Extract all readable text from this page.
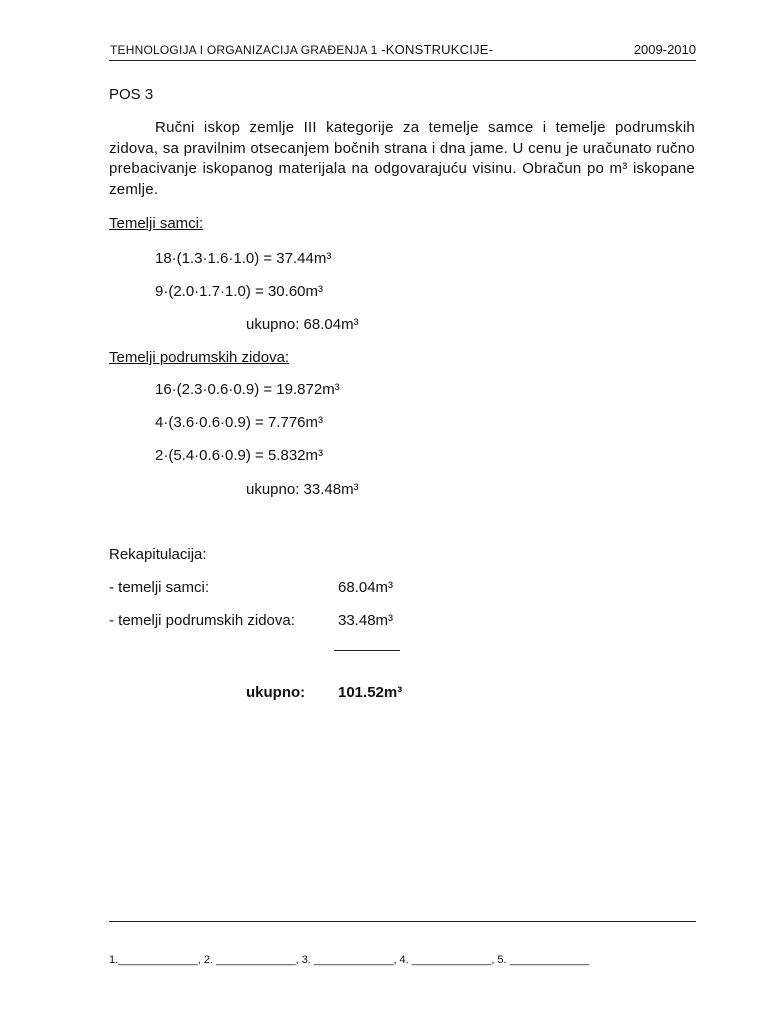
TEHNOLOGIJA I ORGANIZACIJA GRAĐENJA 1 -KONSTRUKCIJE-	2009-2010
POS 3
Ručni iskop zemlje III kategorije za temelje samce i temelje podrumskih zidova, sa pravilnim otsecanjem bočnih strana i dna jame. U cenu je uračunato ručno prebacivanje iskopanog materijala na odgovarajuću visinu. Obračun po m³ iskopane zemlje.
Temelji samci:
18·(1.3·1.6·1.0) = 37.44m³
9·(2.0·1.7·1.0) = 30.60m³
ukupno: 68.04m³
Temelji podrumskih zidova:
16·(2.3·0.6·0.9) = 19.872m³
4·(3.6·0.6·0.9) = 7.776m³
2·(5.4·0.6·0.9) = 5.832m³
ukupno: 33.48m³
Rekapitulacija:
- temelji samci:	68.04m³
- temelji podrumskih zidova:	33.48m³
ukupno: 101.52m³
1._____________, 2. _____________, 3. _____________, 4. _____________, 5. _____________
